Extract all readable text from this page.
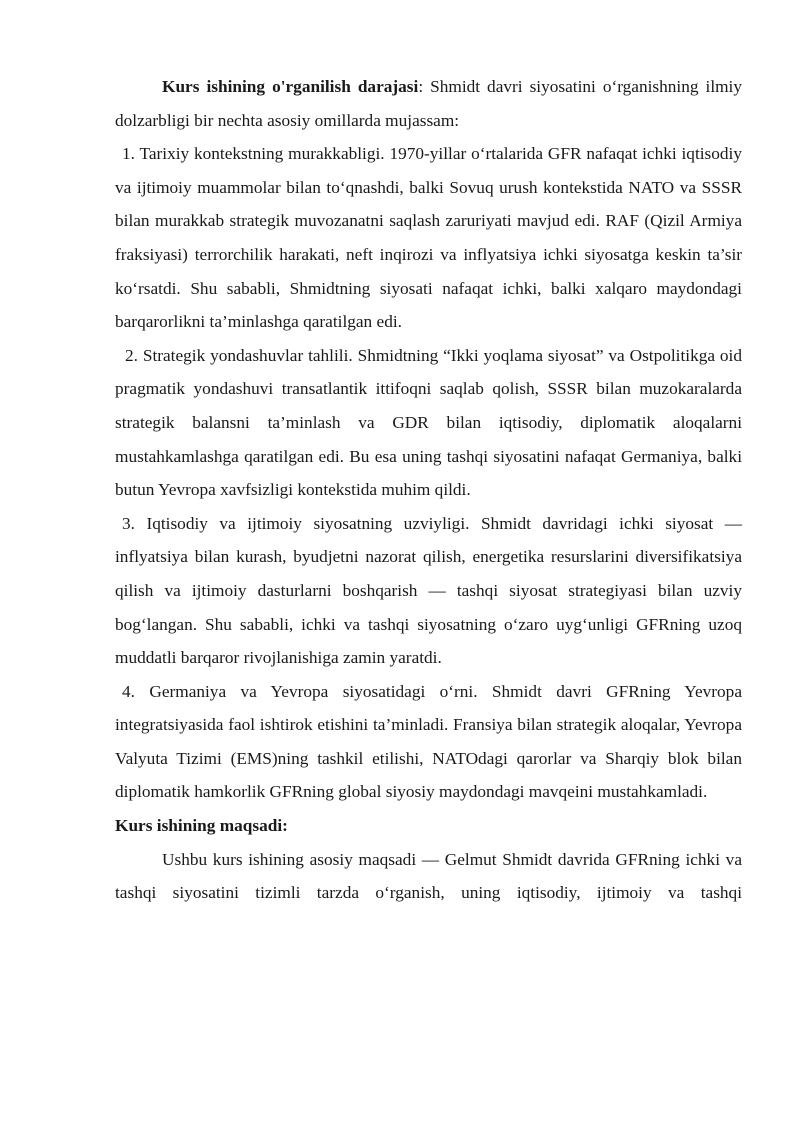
Kurs ishining o'rganilish darajasi: Shmidt davri siyosatini o‘rganishning ilmiy dolzarbligi bir nechta asosiy omillarda mujassam:

1. Tarixiy kontekstning murakkabligi. 1970-yillar o‘rtalarida GFR nafaqat ichki iqtisodiy va ijtimoiy muammolar bilan to‘qnashdi, balki Sovuq urush kontekstida NATO va SSSR bilan murakkab strategik muvozanatni saqlash zaruriyati mavjud edi. RAF (Qizil Armiya fraksiyasi) terrorchilik harakati, neft inqirozi va inflyatsiya ichki siyosatga keskin ta’sir ko‘rsatdi. Shu sababli, Shmidtning siyosati nafaqat ichki, balki xalqaro maydondagi barqarorlikni ta’minlashga qaratilgan edi.

2. Strategik yondashuvlar tahlili. Shmidtning “Ikki yoqlama siyosat” va Ostpolitikga oid pragmatik yondashuvi transatlantik ittifoqni saqlab qolish, SSSR bilan muzokaralarda strategik balansni ta’minlash va GDR bilan iqtisodiy, diplomatik aloqalarni mustahkamlashga qaratilgan edi. Bu esa uning tashqi siyosatini nafaqat Germaniya, balki butun Yevropa xavfsizligi kontekstida muhim qildi.

3. Iqtisodiy va ijtimoiy siyosatning uzviyligi. Shmidt davridagi ichki siyosat — inflyatsiya bilan kurash, byudjetni nazorat qilish, energetika resurslarini diversifikatsiya qilish va ijtimoiy dasturlarni boshqarish — tashqi siyosat strategiyasi bilan uzviy bog‘langan. Shu sababli, ichki va tashqi siyosatning o‘zaro uyg‘unligi GFRning uzoq muddatli barqaror rivojlanishiga zamin yaratdi.

4. Germaniya va Yevropa siyosatidagi o‘rni. Shmidt davri GFRning Yevropa integratsiyasida faol ishtirok etishini ta’minladi. Fransiya bilan strategik aloqalar, Yevropa Valyuta Tizimi (EMS)ning tashkil etilishi, NATOdagi qarorlar va Sharqiy blok bilan diplomatik hamkorlik GFRning global siyosiy maydondagi mavqeini mustahkamladi.

Kurs ishining maqsadi:

Ushbu kurs ishining asosiy maqsadi — Gelmut Shmidt davrida GFRning ichki va tashqi siyosatini tizimli tarzda o‘rganish, uning iqtisodiy, ijtimoiy va tashqi
